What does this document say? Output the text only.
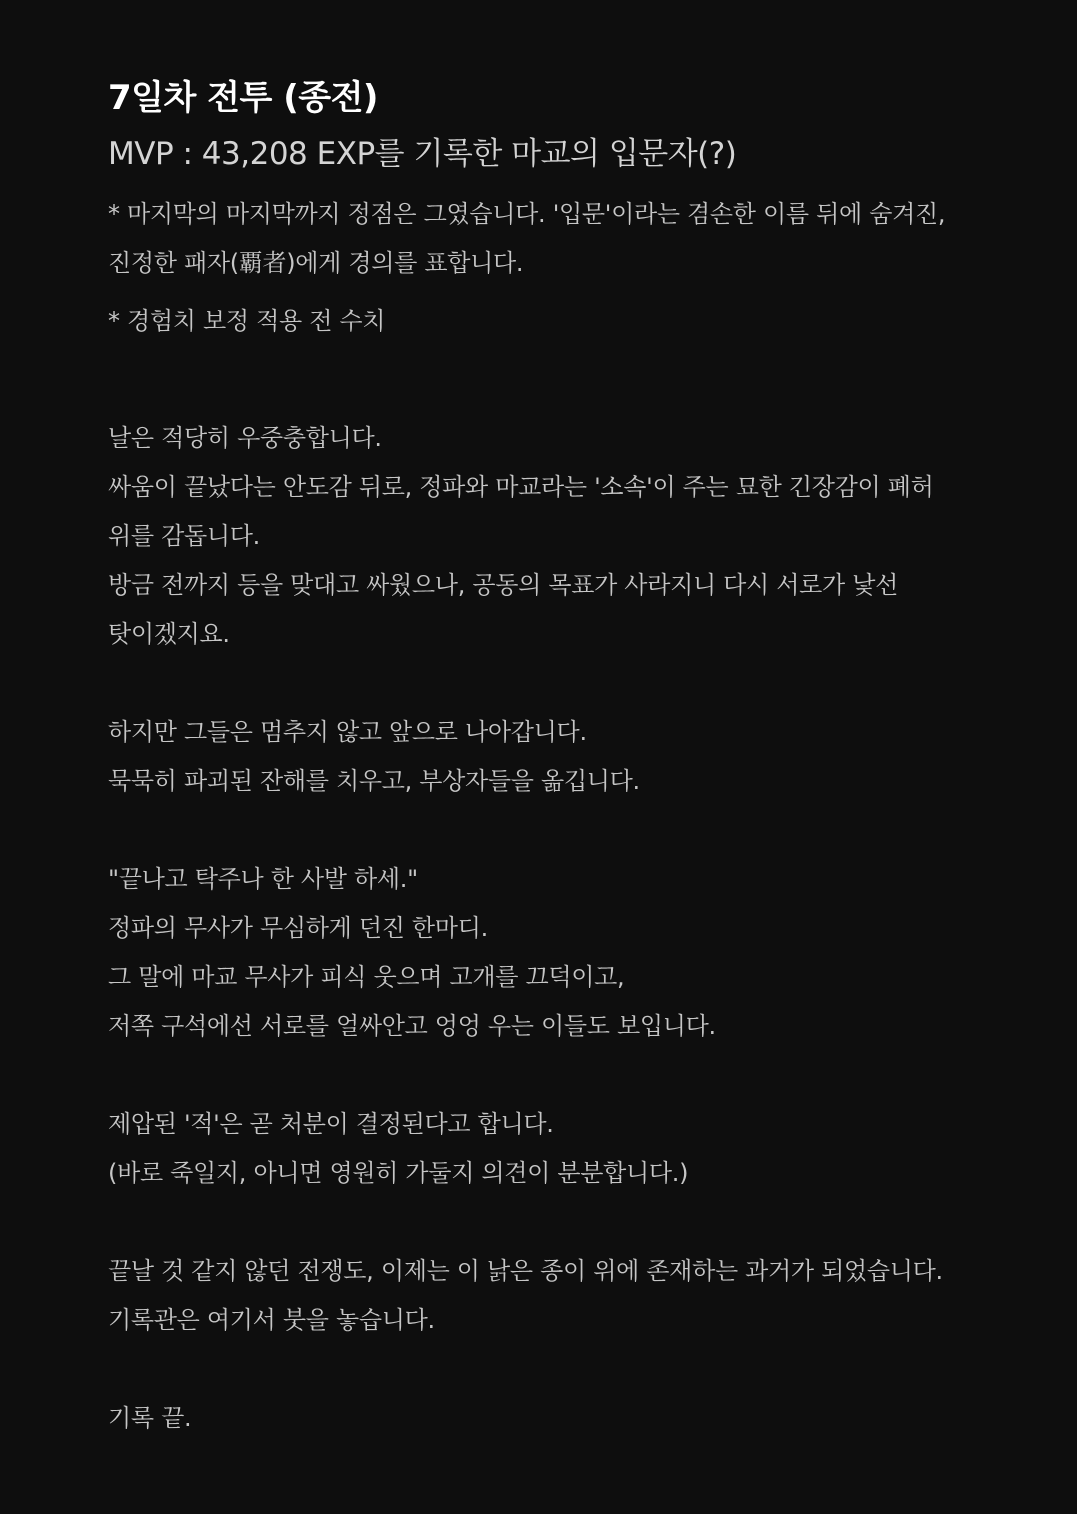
7일차 전투 (종전)
MVP : 43,208 EXP를 기록한 마교의 입문자(?)

* 마지막의 마지막까지 정점은 그였습니다. '입문'이라는 겸손한 이름 뒤에 숨겨진,
진정한 패자(覇者)에게 경의를 표합니다.

* 경험치 보정 적용 전 수치

날은 적당히 우중충합니다.
싸움이 끝났다는 안도감 뒤로, 정파와 마교라는 '소속'이 주는 묘한 긴장감이 폐허
위를 감돕니다.
방금 전까지 등을 맞대고 싸웠으나, 공동의 목표가 사라지니 다시 서로가 낯선
탓이겠지요.
하지만 그들은 멈추지 않고 앞으로 나아갑니다.
묵묵히 파괴된 잔해를 치우고, 부상자들을 옮깁니다.
"끝나고 탁주나 한 사발 하세."
정파의 무사가 무심하게 던진 한마디.
그 말에 마교 무사가 피식 웃으며 고개를 끄덕이고,
저쪽 구석에선 서로를 얼싸안고 엉엉 우는 이들도 보입니다.
제압된 '적'은 곧 처분이 결정된다고 합니다.
(바로 죽일지, 아니면 영원히 가둘지 의견이 분분합니다.)
끝날 것 같지 않던 전쟁도, 이제는 이 낡은 종이 위에 존재하는 과거가 되었습니다.
기록관은 여기서 붓을 놓습니다.
기록 끝.
